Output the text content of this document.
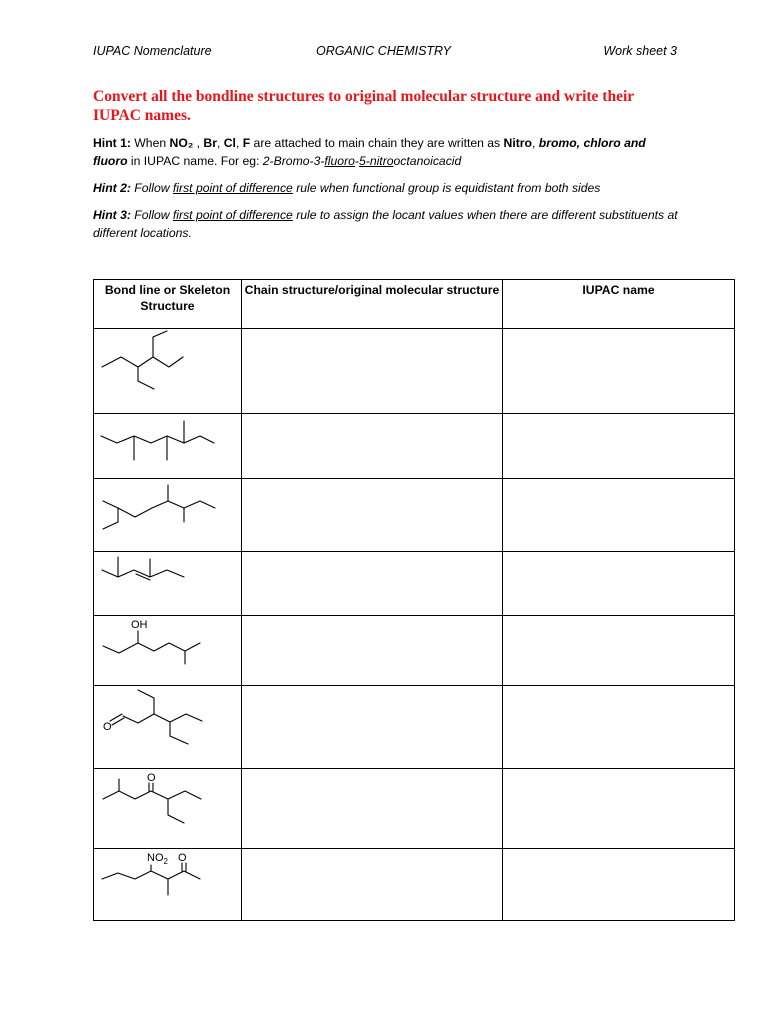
IUPAC Nomenclature	ORGANIC CHEMISTRY	Work sheet 3

Convert all the bondline structures to original molecular structure and write their IUPAC names.

Hint 1: When NO₂ , Br, Cl, F are attached to main chain they are written as Nitro, bromo, chloro and
fluoro in IUPAC name. For eg: 2-Bromo-3-fluoro-5-nitrooctanoicacid

Hint 2: Follow first point of difference rule when functional group is equidistant from both sides

Hint 3: Follow first point of difference rule to assign the locant values when there are different substituents at different locations.

Bond line or Skeleton Structure	Chain structure/original molecular structure	IUPAC name

OH		

O		

O		

$NO_2$ O		
